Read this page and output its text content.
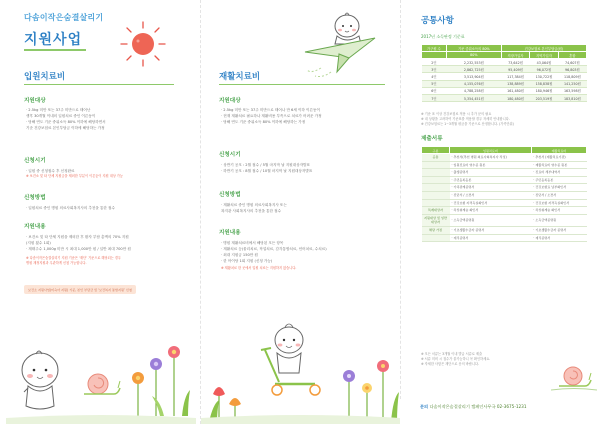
다솜이작은숨결살리기
지원사업
입원치료비
지원대상
· 2.5kg 미만 또는 37주 미만으로 태어난
생후 30개월 이내의 입원치료 중인 이른둥이
· 당해 연도 기준 중위소득 80% 이하에 해당하면서
기준 건강보험료 본인부담금 이하에 해당하는 가정
신청시기
· 입원 중 신청접수 후 신청완료
※ 보건소 및 타 단체 지원금을 제외한 부분이 이른둥이 지원 대상 가능
신청방법
· 입원치료 중인 병원 의료사회복지사의 추천을 통한 접수
지원내용
· 보건소 및 타 단체 지원을 제외한 후 환자 부담 총액의 70% 지원
(지원 횟수 1회)
· 재태주수 1,000g 미만 시 최대 1,000만 원 / 일반 최대 700만 원
※ 다솜이작은숨결살리기 지원 기준은 ‘재단’ 기준으로 해당되는 경우
병원 재정지원과 무관하게 신청 가능합니다.
보건소 지원사업(미숙아 지원) 기준, 본인 부담금 및 ‘보건복지 통합지원’ 신청
재활치료비
지원대상
· 2.5kg 미만 또는 37주 미만으로 태어나 만 6세 이하 이른둥이
· 현재 재활치료 필요하나 재활비용 부족으로 치료가 어려운 가정
· 당해 연도 기준 중위소득 80% 이하에 해당하는 가정
신청시기
· 상반기 공모 : 2월 접수 / 5월 마지막 날 지원대상자발표
· 하반기 공모 : 8월 접수 / 10월 마지막 날 지원대상자발표
신청방법
· 재활치료 중인 병원 의료사회복지사 또는
복지관 사회복지사의 추천을 통한 접수
지원내용
· 병원 재활치료비에서 해당된 모든 항목
· 재활치료 등(물리치료, 작업치료, 감각통합치료, 언어치료, 수치료)
· 최대 지원금 150만 원
· 한 아이당 1회 지원 (신청 가능)
※ 재활치료 한 곳에서 입원 치료는 지원하지 않습니다.
공통사항
2017년 소득판정 기준표
가구원 수	기준 중위소득의 80%	건강보험료 본인부담금(원)		
	80%	직장가입자	지역가입자	혼합
2인	2,232,553원	73,642원	43,064원	74,607원
3인	2,862,725원	95,409원	96,072원	96,803원
4인	3,513,904원	117,384원	130,722원	118,809원
5인	4,155,076원	138,889원	158,838원	141,250원
6인	4,788,258원	161,480원	180,946원	163,598원
7인	5,354,451원	180,480원	203,519원	183,810원
※ 기준 표 이상 건강보험료 적용 시 추가 문의 필요
※ 내 상황을 고려하여 기준표를 적용할 경우 자세히 안내합니다.
※ 건강보험료는 1~3개월 평균을 기준으로 산정합니다. (가족단위)
제출서류
구분	입원치료비	재활치료비
공통	· 추천서(추천 병원 의료사회복지사 작성)	· 추천서 (재활치료기관)
	· 입원진료비 영수증 원본	· 재활치료비 영수증 원본
	· 출생증명서	· 진료비 세부내역서
	· 주민등록등본	· 주민등록등본
	· 가족관계증명서	· 건강보험료 납부확인서
	· 진단서 / 소견서	· 진단서 / 소견서
	· 건강보험 자격득실확인서	· 건강보험 자격득실확인서
특례대상자	· 차상위계층 확인서	· 차상위계층 확인서
지원대상 및 일반대상자	· 소득금액증명원	· 소득금액증명원
해당 가정	· 기초생활수급자 증명서	· 기초생활수급자 증명서
	· 재직증명서	· 재직증명서
※ 모든 서류는 3개월 이내 발급 서류로 제출
※ 서류 미비 시 접수가 불가능하니 꼭 확인하세요.
※ 자세한 사항은 재단으로 문의 바랍니다.
문의 다솜이작은숨결살리기 캠페인사무국 02-3675-1231
